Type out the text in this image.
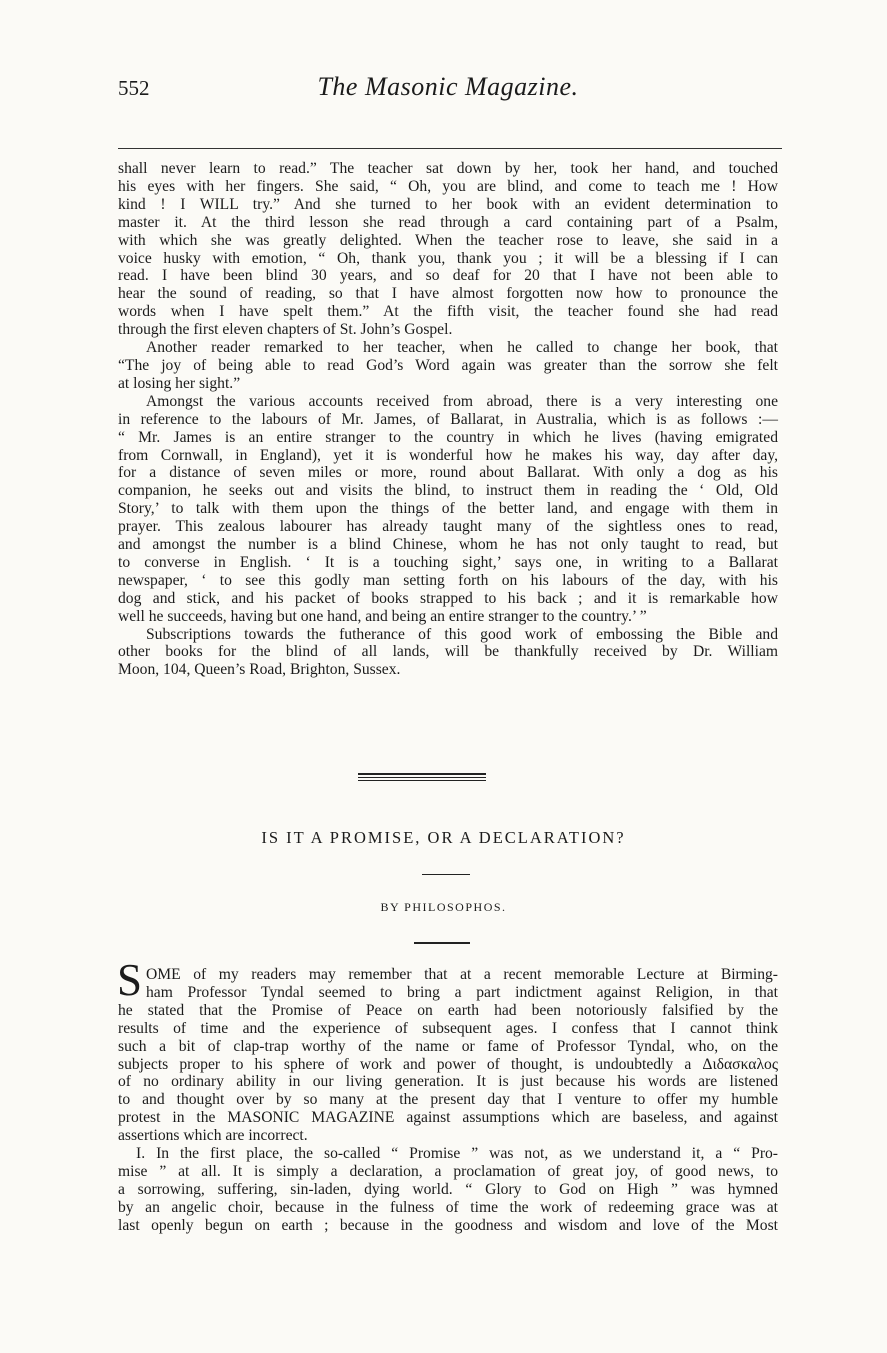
552	The Masonic Magazine.
shall never learn to read.” The teacher sat down by her, took her hand, and touched
his eyes with her fingers. She said, “ Oh, you are blind, and come to teach me ! How
kind ! I WILL try.” And she turned to her book with an evident determination to
master it. At the third lesson she read through a card containing part of a Psalm,
with which she was greatly delighted. When the teacher rose to leave, she said in a
voice husky with emotion, “ Oh, thank you, thank you ; it will be a blessing if I can
read. I have been blind 30 years, and so deaf for 20 that I have not been able to
hear the sound of reading, so that I have almost forgotten now how to pronounce the
words when I have spelt them.” At the fifth visit, the teacher found she had read
through the first eleven chapters of St. John’s Gospel.
Another reader remarked to her teacher, when he called to change her book, that
“The joy of being able to read God’s Word again was greater than the sorrow she felt
at losing her sight.”
Amongst the various accounts received from abroad, there is a very interesting one
in reference to the labours of Mr. James, of Ballarat, in Australia, which is as follows :—
“ Mr. James is an entire stranger to the country in which he lives (having emigrated
from Cornwall, in England), yet it is wonderful how he makes his way, day after day,
for a distance of seven miles or more, round about Ballarat. With only a dog as his
companion, he seeks out and visits the blind, to instruct them in reading the ‘ Old, Old
Story,’ to talk with them upon the things of the better land, and engage with them in
prayer. This zealous labourer has already taught many of the sightless ones to read,
and amongst the number is a blind Chinese, whom he has not only taught to read, but
to converse in English. ‘ It is a touching sight,’ says one, in writing to a Ballarat
newspaper, ‘ to see this godly man setting forth on his labours of the day, with his
dog and stick, and his packet of books strapped to his back ; and it is remarkable how
well he succeeds, having but one hand, and being an entire stranger to the country.’ ”
Subscriptions towards the futherance of this good work of embossing the Bible and
other books for the blind of all lands, will be thankfully received by Dr. William
Moon, 104, Queen’s Road, Brighton, Sussex.
IS IT A PROMISE, OR A DECLARATION?
BY PHILOSOPHOS.
S OME of my readers may remember that at a recent memorable Lecture at Birming-
ham Professor Tyndal seemed to bring a part indictment against Religion, in that
he stated that the Promise of Peace on earth had been notoriously falsified by the
results of time and the experience of subsequent ages. I confess that I cannot think
such a bit of clap-trap worthy of the name or fame of Professor Tyndal, who, on the
subjects proper to his sphere of work and power of thought, is undoubtedly a Διδασκαλος
of no ordinary ability in our living generation. It is just because his words are listened
to and thought over by so many at the present day that I venture to offer my humble
protest in the MASONIC MAGAZINE against assumptions which are baseless, and against
assertions which are incorrect.
I. In the first place, the so-called “ Promise ” was not, as we understand it, a “ Pro-
mise ” at all. It is simply a declaration, a proclamation of great joy, of good news, to
a sorrowing, suffering, sin-laden, dying world. “ Glory to God on High ” was hymned
by an angelic choir, because in the fulness of time the work of redeeming grace was at
last openly begun on earth ; because in the goodness and wisdom and love of the Most
